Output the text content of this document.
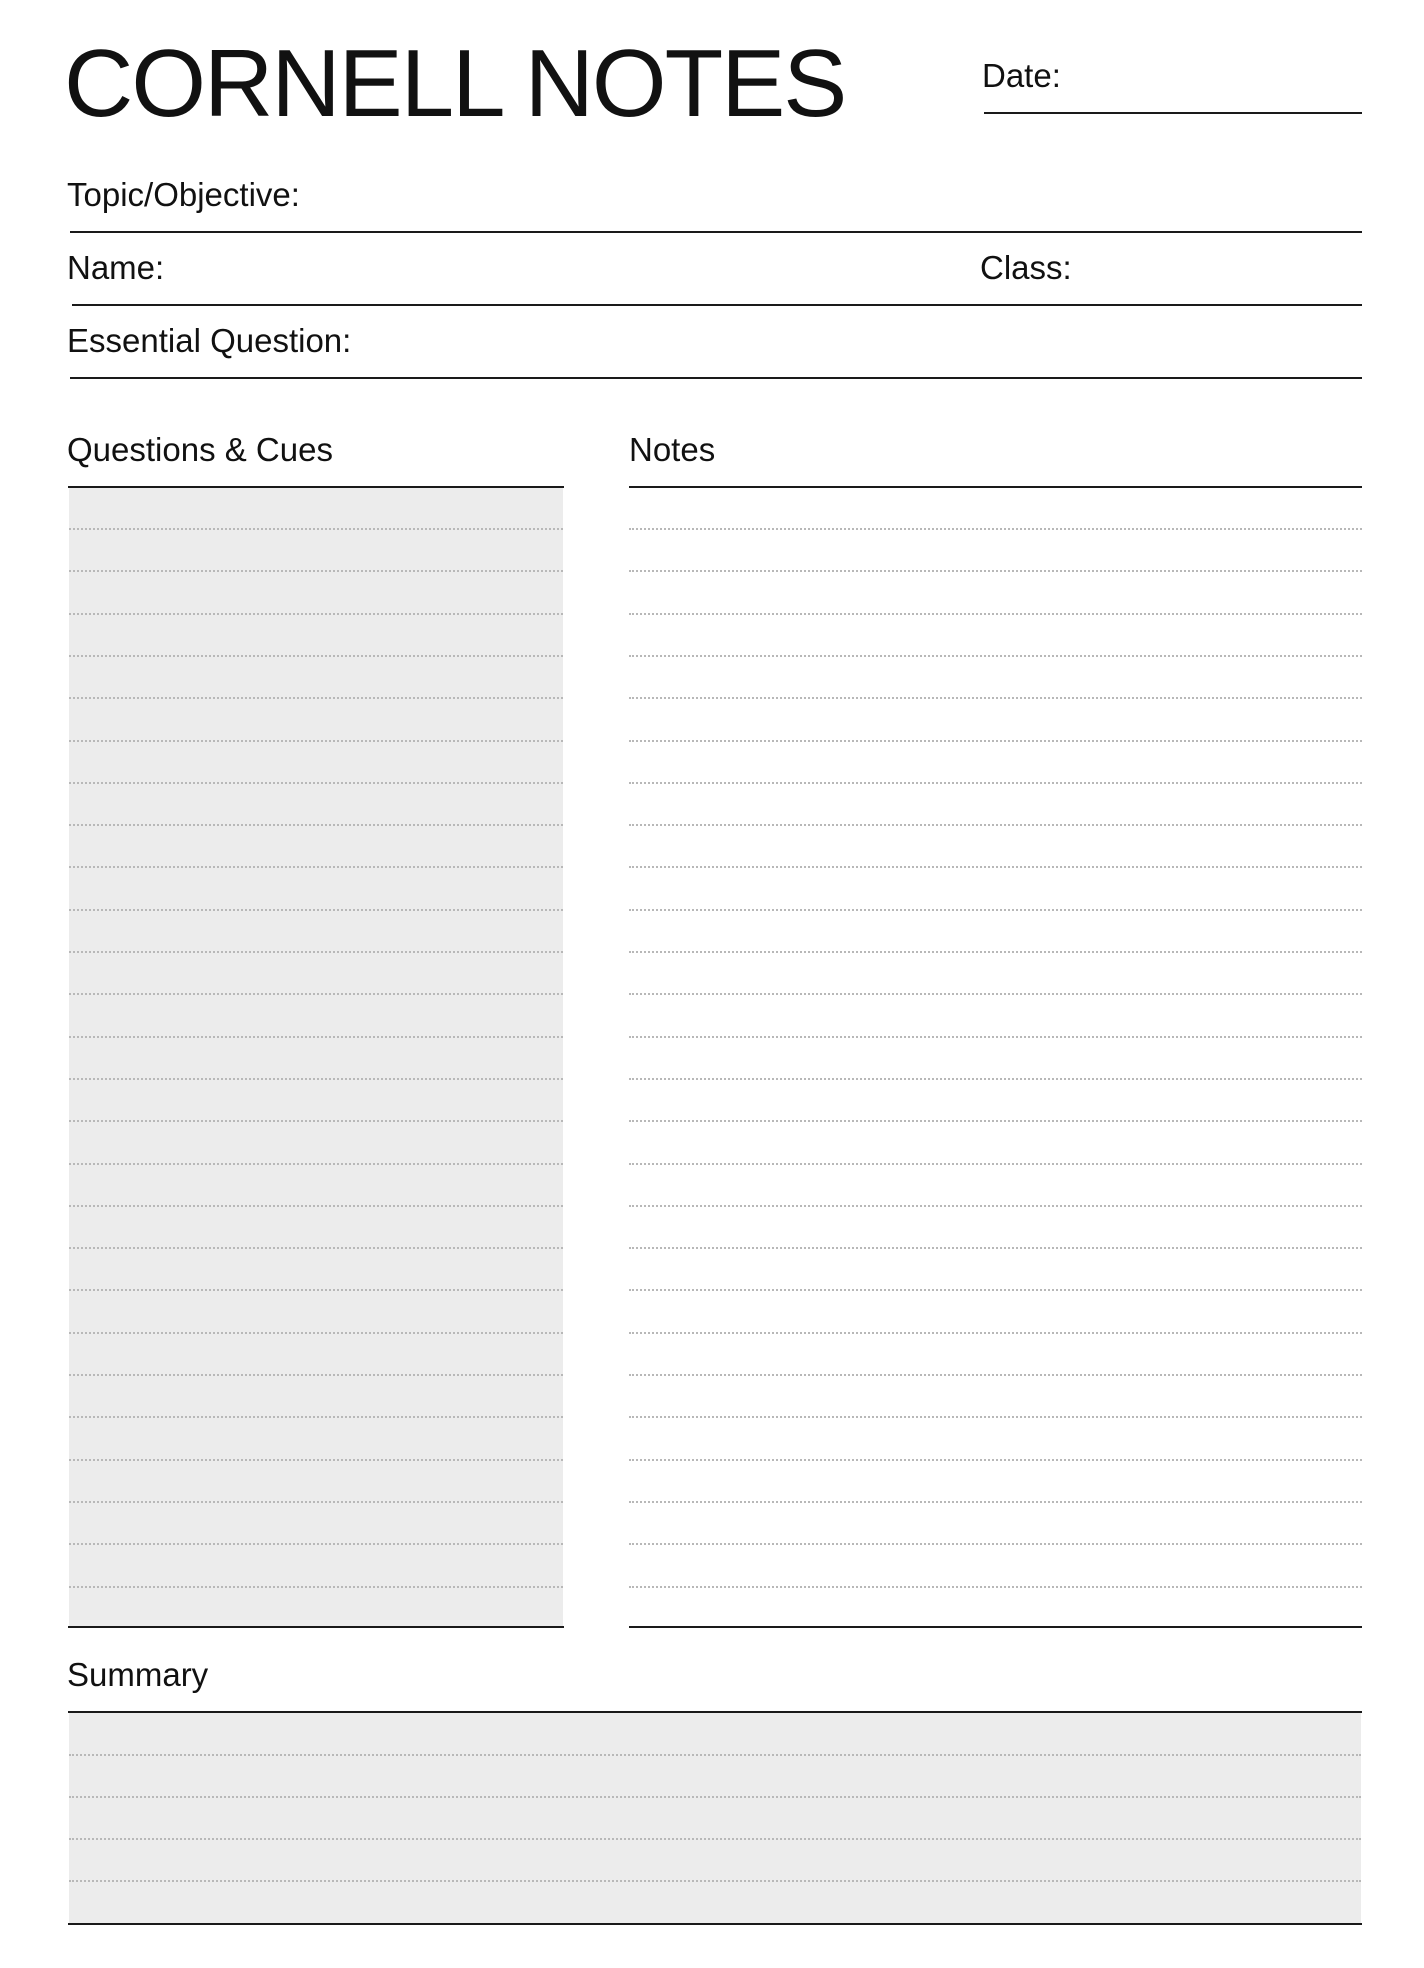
CORNELL NOTES	Date:
Topic/Objective:
Name:	Class:
Essential Question:
Questions & Cues	Notes
Summary
